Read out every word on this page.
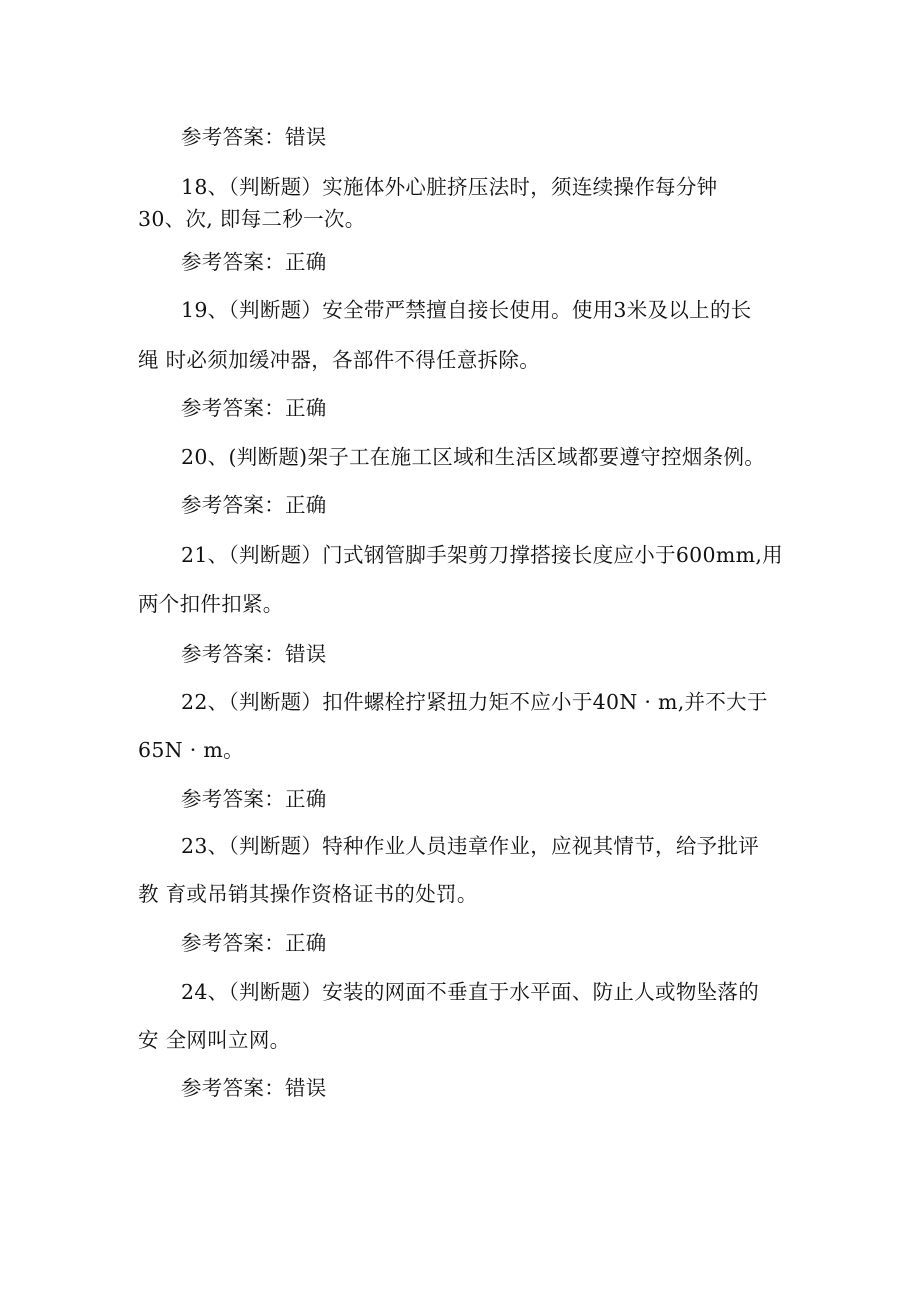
参考答案：错误
18、（判断题）实施体外心脏挤压法时，须连续操作每分钟
30、次, 即每二秒一次。
参考答案：正确
19、（判断题）安全带严禁擅自接长使用。使用3米及以上的长
绳 时必须加缓冲器，各部件不得任意拆除。
参考答案：正确
20、(判断题)架子工在施工区域和生活区域都要遵守控烟条例。
参考答案：正确
21、（判断题）门式钢管脚手架剪刀撑搭接长度应小于600mm,用
两个扣件扣紧。
参考答案：错误
22、（判断题）扣件螺栓拧紧扭力矩不应小于40N · m,并不大于
65N · m。
参考答案：正确
23、（判断题）特种作业人员违章作业，应视其情节，给予批评
教 育或吊销其操作资格证书的处罚。
参考答案：正确
24、（判断题）安装的网面不垂直于水平面、防止人或物坠落的
安 全网叫立网。
参考答案：错误
